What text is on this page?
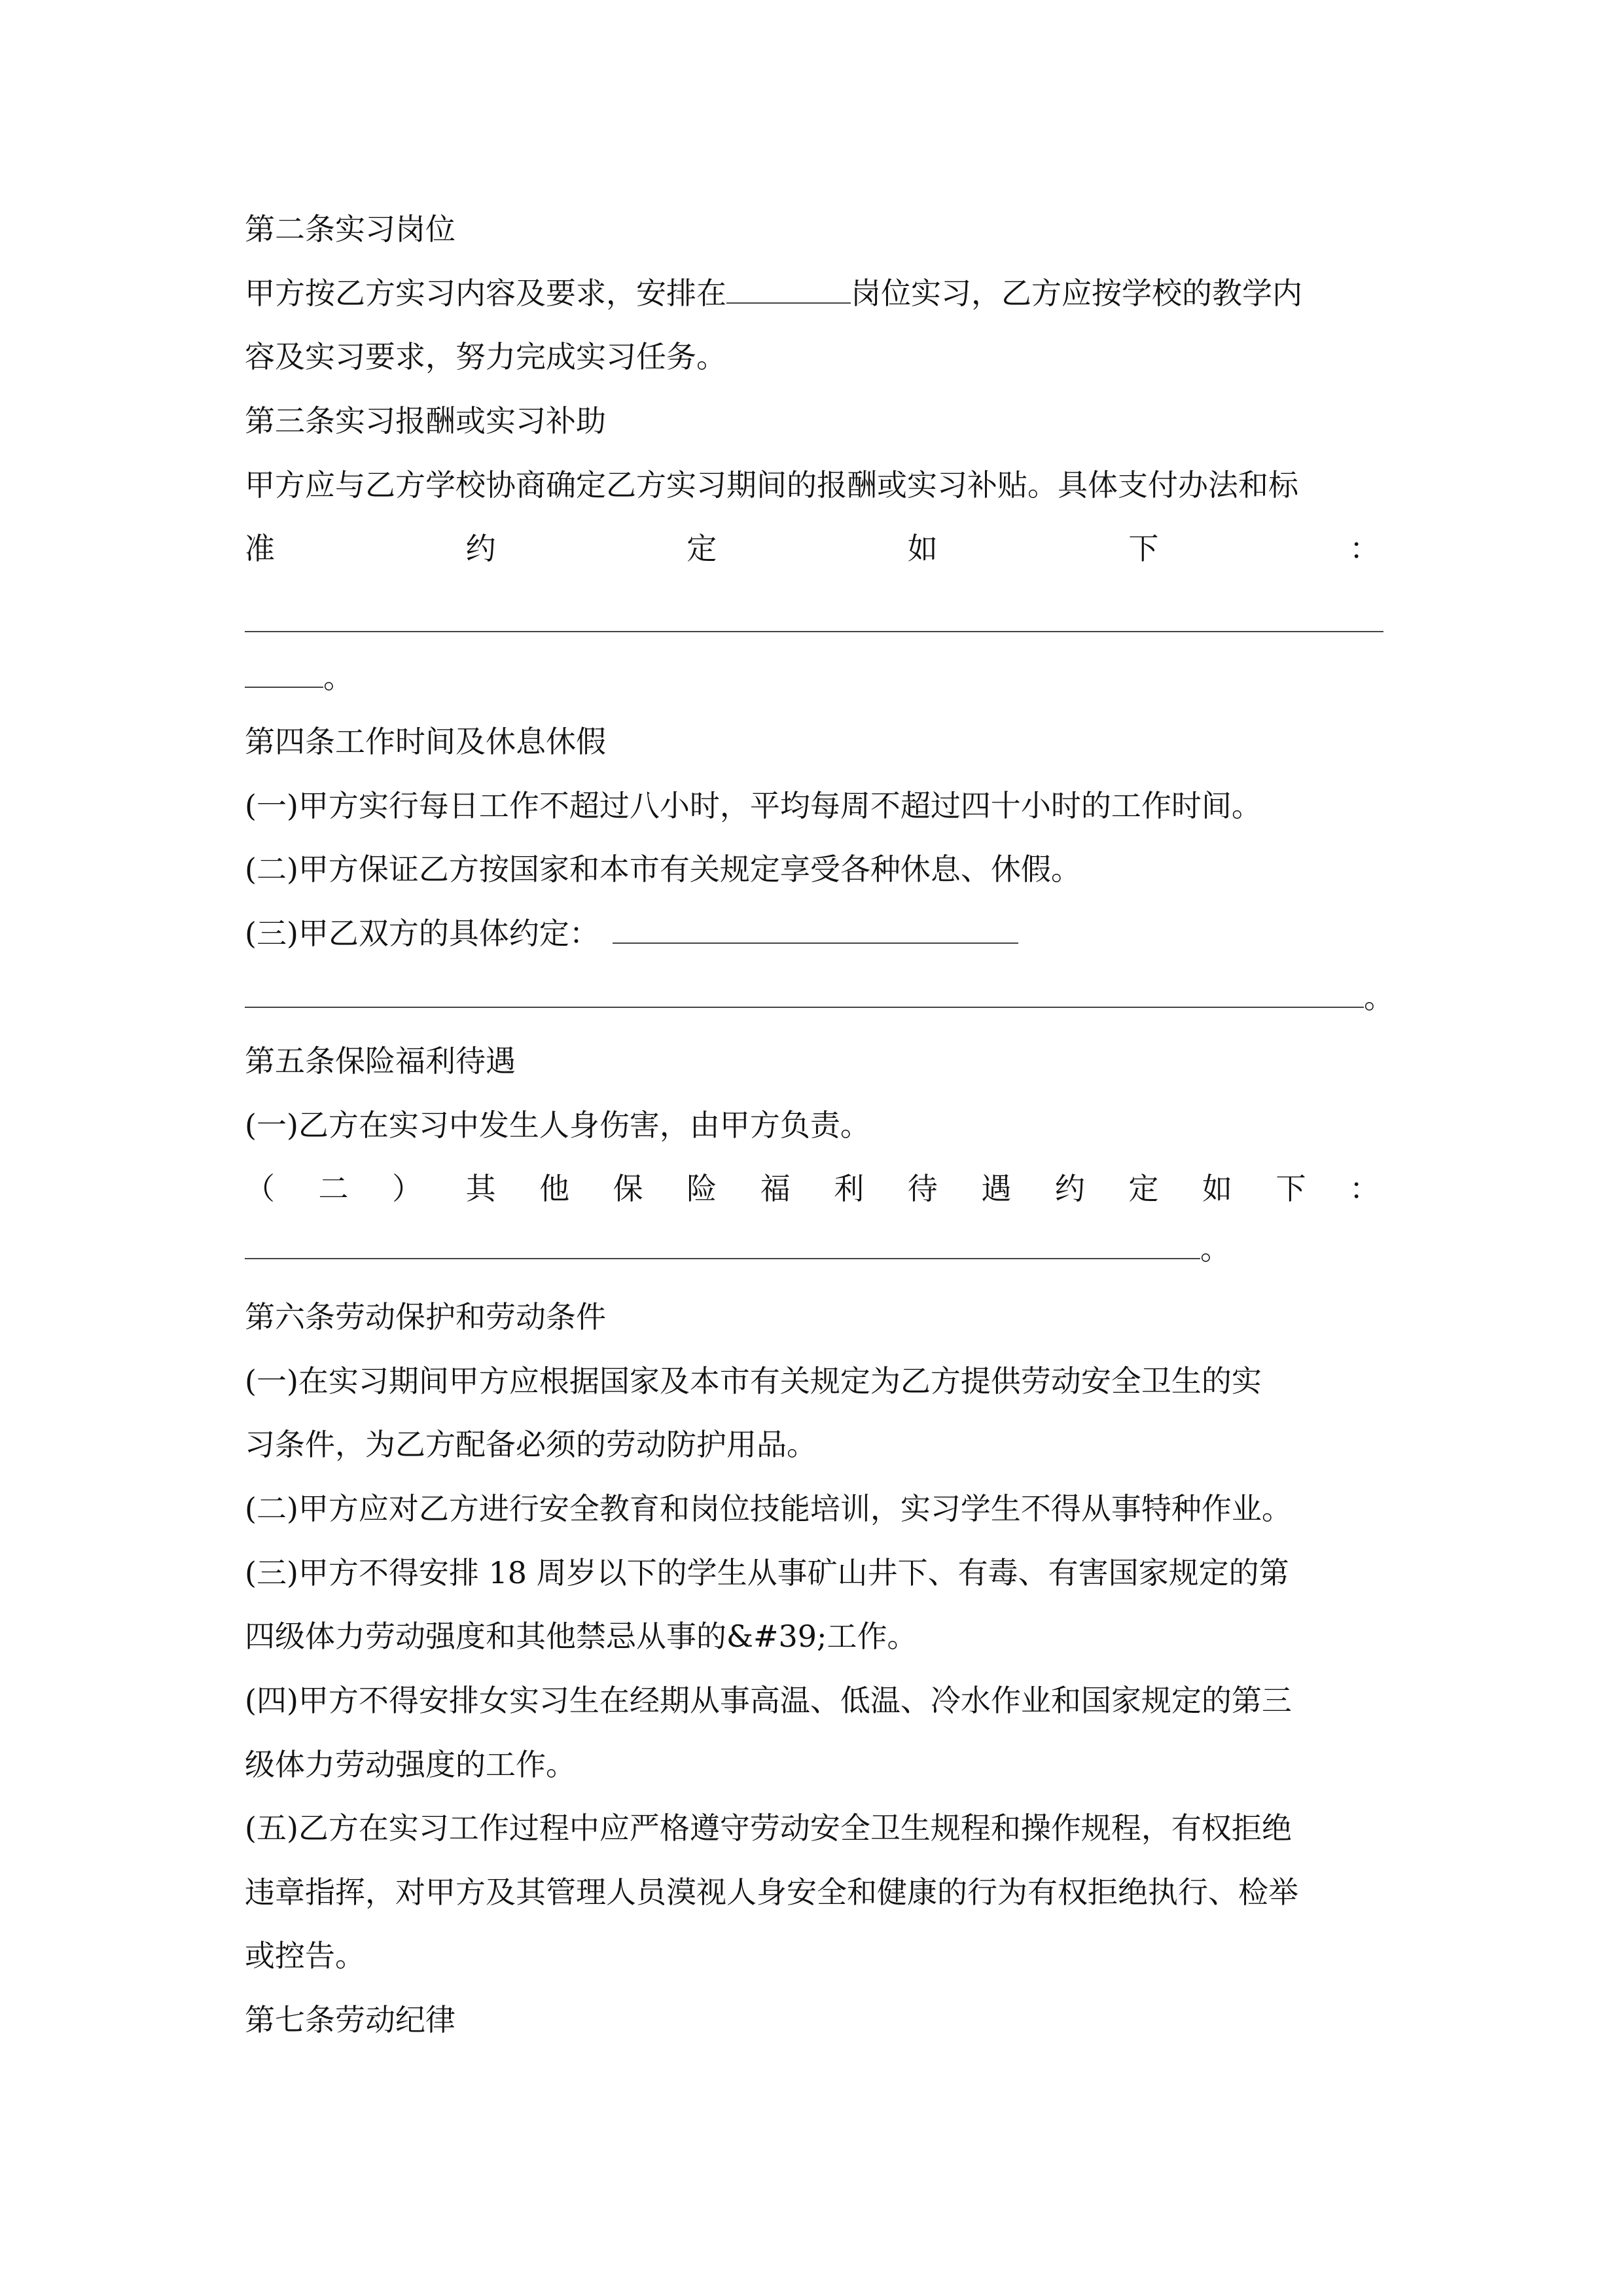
第二条实习岗位
甲方按乙方实习内容及要求，安排在	岗位实习，乙方应按学校的教学内
容及实习要求，努力完成实习任务。
第三条实习报酬或实习补助
甲方应与乙方学校协商确定乙方实习期间的报酬或实习补贴。具体支付办法和标
准	约	定	如	下	：
。
第四条工作时间及休息休假
(一)甲方实行每日工作不超过八小时，平均每周不超过四十小时的工作时间。
(二)甲方保证乙方按国家和本市有关规定享受各种休息、休假。
(三)甲乙双方的具体约定：
。
第五条保险福利待遇
(一)乙方在实习中发生人身伤害，由甲方负责。
（ 二 ） 其 他 保 险 福 利 待 遇 约 定 如 下 ：
。
第六条劳动保护和劳动条件
(一)在实习期间甲方应根据国家及本市有关规定为乙方提供劳动安全卫生的实
习条件，为乙方配备必须的劳动防护用品。
(二)甲方应对乙方进行安全教育和岗位技能培训，实习学生不得从事特种作业。
(三)甲方不得安排 18 周岁以下的学生从事矿山井下、有毒、有害国家规定的第
四级体力劳动强度和其他禁忌从事的&#39;工作。
(四)甲方不得安排女实习生在经期从事高温、低温、冷水作业和国家规定的第三
级体力劳动强度的工作。
(五)乙方在实习工作过程中应严格遵守劳动安全卫生规程和操作规程，有权拒绝
违章指挥，对甲方及其管理人员漠视人身安全和健康的行为有权拒绝执行、检举
或控告。
第七条劳动纪律
